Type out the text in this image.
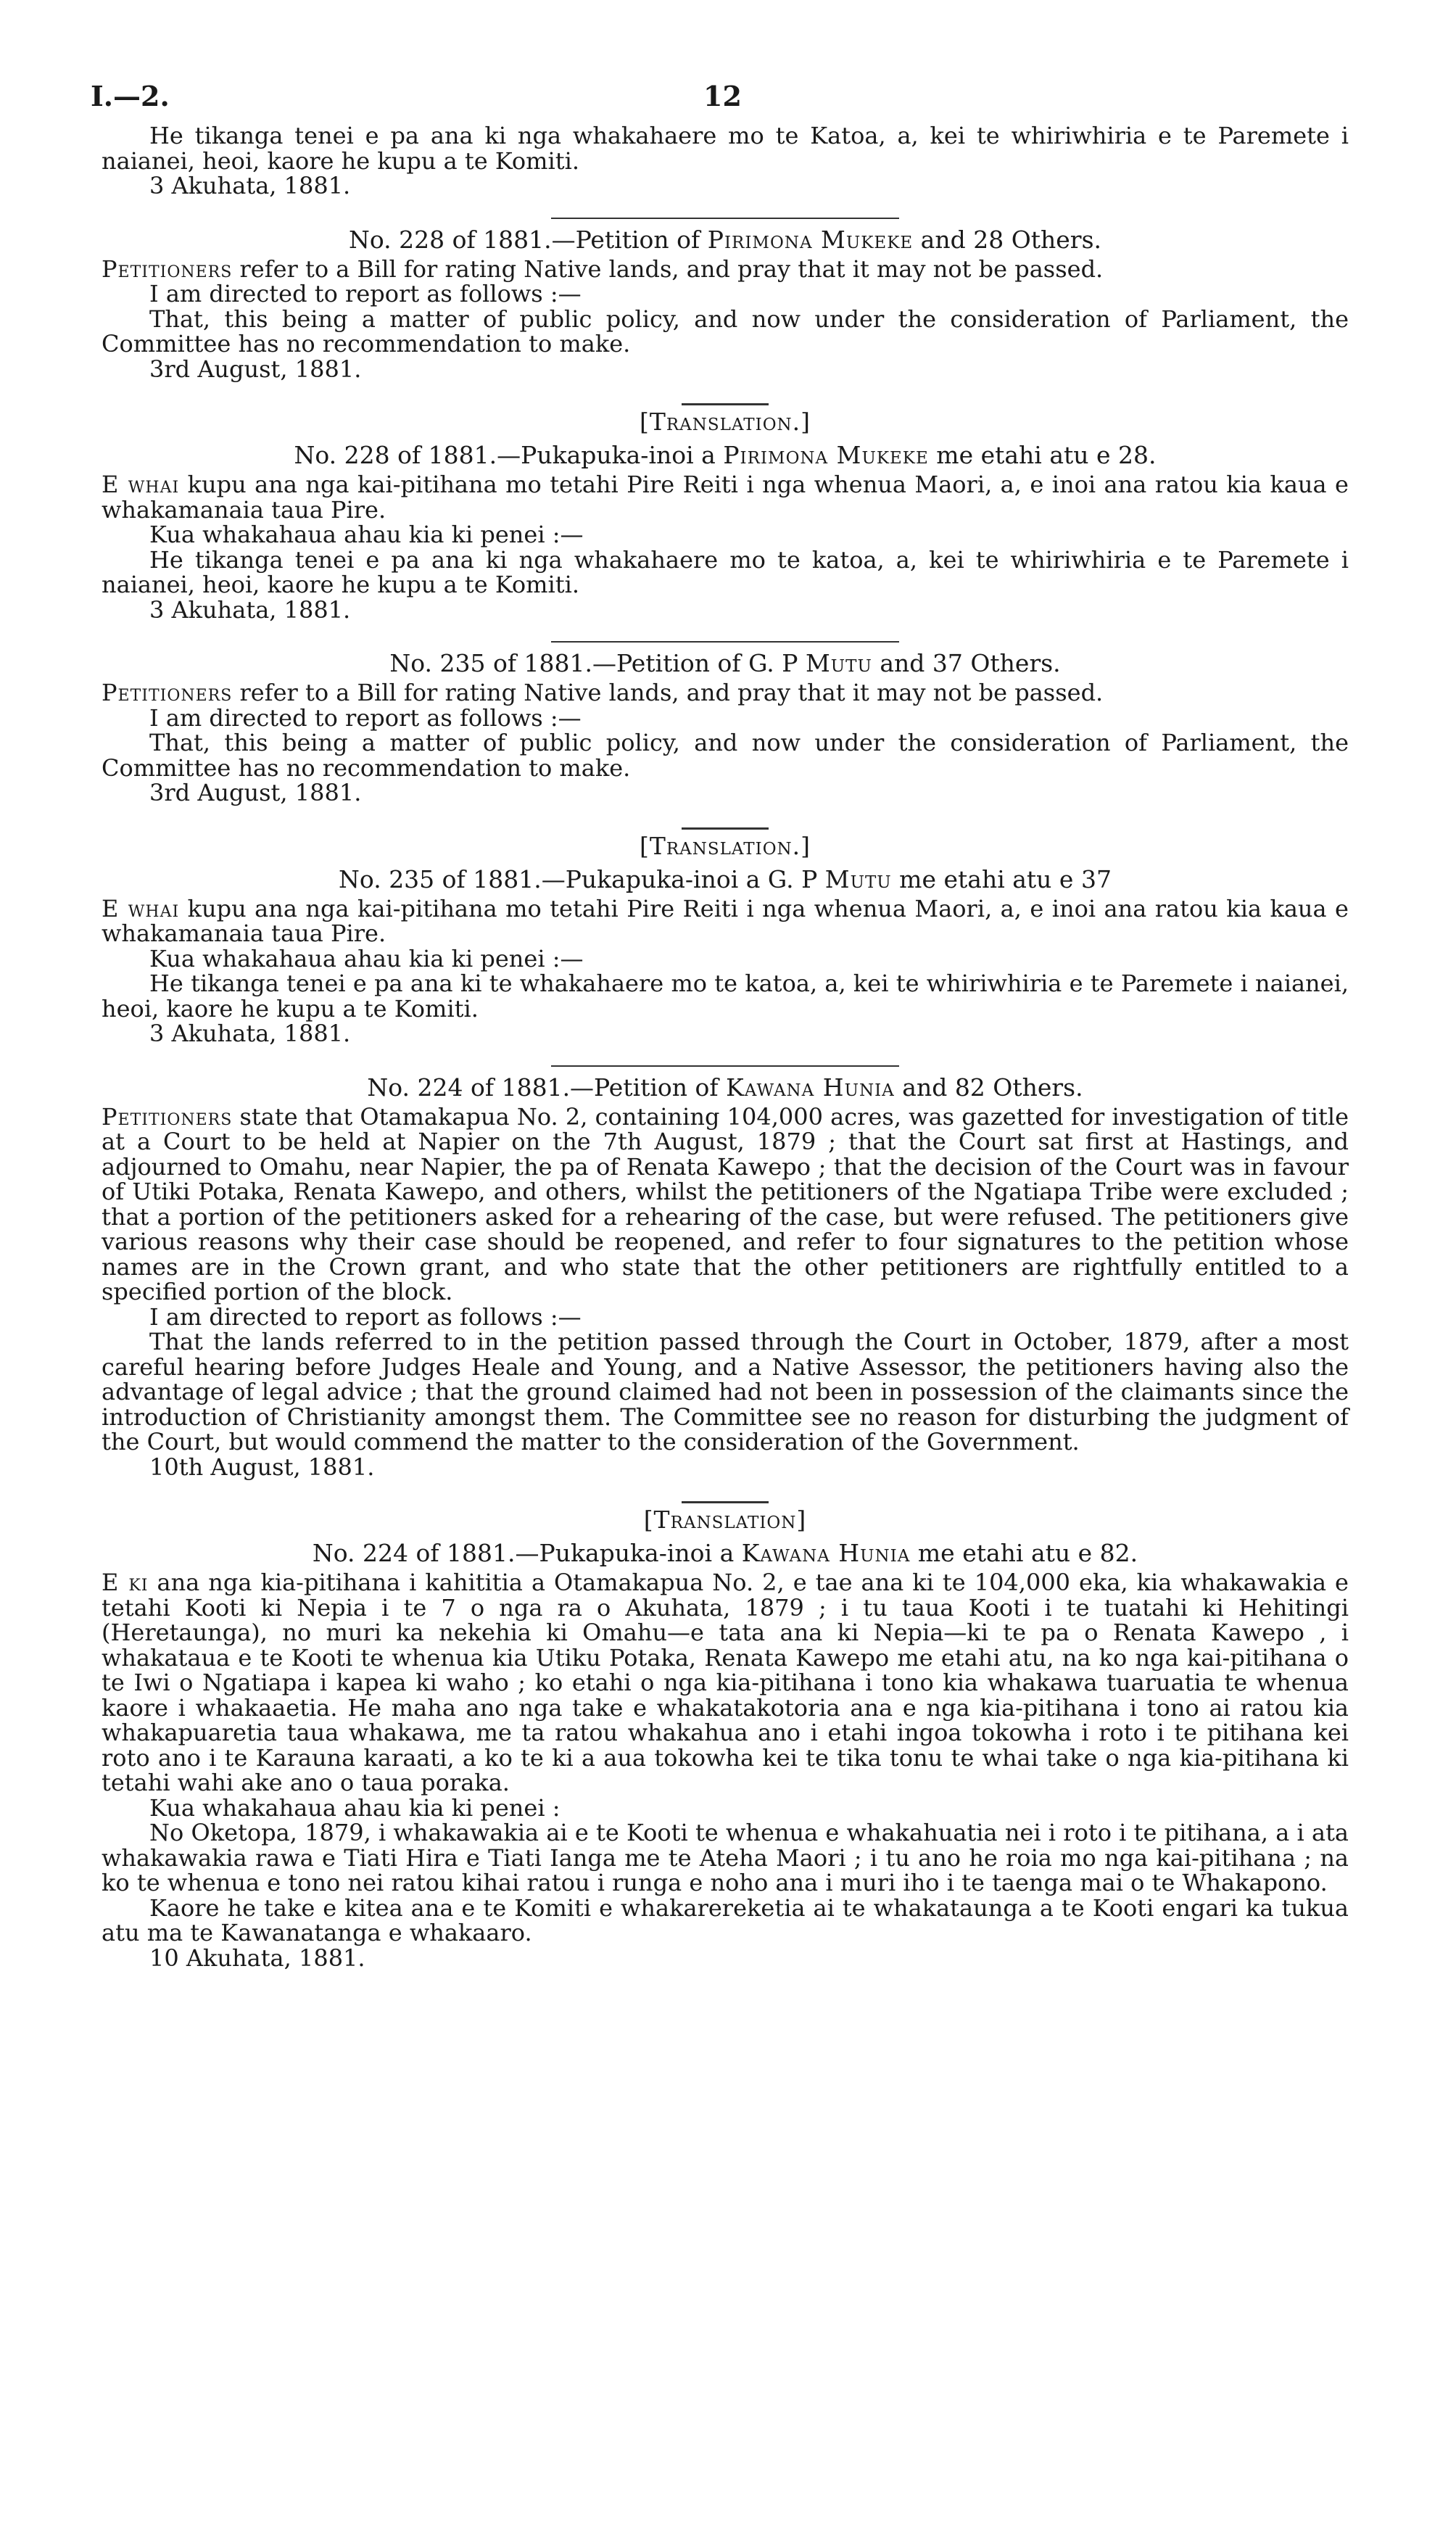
I.—2.	12

He tikanga tenei e pa ana ki nga whakahaere mo te Katoa, a, kei te whiriwhiria e te Paremete i naianei, heoi, kaore he kupu a te Komiti.

3 Akuhata, 1881.

No. 228 of 1881.—Petition of Pirimona Mukeke and 28 Others.

Petitioners refer to a Bill for rating Native lands, and pray that it may not be passed.

I am directed to report as follows :—

That, this being a matter of public policy, and now under the consideration of Parliament, the Committee has no recommendation to make.

3rd August, 1881.

[Translation.]

No. 228 of 1881.—Pukapuka-inoi a Pirimona Mukeke me etahi atu e 28.

E whai kupu ana nga kai-pitihana mo tetahi Pire Reiti i nga whenua Maori, a, e inoi ana ratou kia kaua e whakamanaia taua Pire.

Kua whakahaua ahau kia ki penei :—

He tikanga tenei e pa ana ki nga whakahaere mo te katoa, a, kei te whiriwhiria e te Paremete i naianei, heoi, kaore he kupu a te Komiti.

3 Akuhata, 1881.

No. 235 of 1881.—Petition of G. P Mutu and 37 Others.

Petitioners refer to a Bill for rating Native lands, and pray that it may not be passed.

I am directed to report as follows :—

That, this being a matter of public policy, and now under the consideration of Parliament, the Committee has no recommendation to make.

3rd August, 1881.

[Translation.]

No. 235 of 1881.—Pukapuka-inoi a G. P Mutu me etahi atu e 37

E whai kupu ana nga kai-pitihana mo tetahi Pire Reiti i nga whenua Maori, a, e inoi ana ratou kia kaua e whakamanaia taua Pire.

Kua whakahaua ahau kia ki penei :—

He tikanga tenei e pa ana ki te whakahaere mo te katoa, a, kei te whiriwhiria e te Paremete i naianei, heoi, kaore he kupu a te Komiti.

3 Akuhata, 1881.

No. 224 of 1881.—Petition of Kawana Hunia and 82 Others.

Petitioners state that Otamakapua No. 2, containing 104,000 acres, was gazetted for investigation of title at a Court to be held at Napier on the 7th August, 1879 ; that the Court sat first at Hastings, and adjourned to Omahu, near Napier, the pa of Renata Kawepo ; that the decision of the Court was in favour of Utiki Potaka, Renata Kawepo, and others, whilst the petitioners of the Ngatiapa Tribe were excluded ; that a portion of the petitioners asked for a rehearing of the case, but were refused. The petitioners give various reasons why their case should be reopened, and refer to four signatures to the petition whose names are in the Crown grant, and who state that the other petitioners are rightfully entitled to a specified portion of the block.

I am directed to report as follows :—

That the lands referred to in the petition passed through the Court in October, 1879, after a most careful hearing before Judges Heale and Young, and a Native Assessor, the petitioners having also the advantage of legal advice ; that the ground claimed had not been in possession of the claimants since the introduction of Christianity amongst them. The Committee see no reason for disturbing the judgment of the Court, but would commend the matter to the consideration of the Government.

10th August, 1881.

[Translation]

No. 224 of 1881.—Pukapuka-inoi a Kawana Hunia me etahi atu e 82.

E ki ana nga kia-pitihana i kahititia a Otamakapua No. 2, e tae ana ki te 104,000 eka, kia whakawakia e tetahi Kooti ki Nepia i te 7 o nga ra o Akuhata, 1879 ; i tu taua Kooti i te tuatahi ki Hehitingi (Heretaunga), no muri ka nekehia ki Omahu—e tata ana ki Nepia—ki te pa o Renata Kawepo , i whakataua e te Kooti te whenua kia Utiku Potaka, Renata Kawepo me etahi atu, na ko nga kai-pitihana o te Iwi o Ngatiapa i kapea ki waho ; ko etahi o nga kia-pitihana i tono kia whakawa tuaruatia te whenua kaore i whakaaetia. He maha ano nga take e whakatakotoria ana e nga kia-pitihana i tono ai ratou kia whakapuaretia taua whakawa, me ta ratou whakahua ano i etahi ingoa tokowha i roto i te pitihana kei roto ano i te Karauna karaati, a ko te ki a aua tokowha kei te tika tonu te whai take o nga kia-pitihana ki tetahi wahi ake ano o taua poraka.

Kua whakahaua ahau kia ki penei :

No Oketopa, 1879, i whakawakia ai e te Kooti te whenua e whakahuatia nei i roto i te pitihana, a i ata whakawakia rawa e Tiati Hira e Tiati Ianga me te Ateha Maori ; i tu ano he roia mo nga kai-pitihana ; na ko te whenua e tono nei ratou kihai ratou i runga e noho ana i muri iho i te taenga mai o te Whakapono.

Kaore he take e kitea ana e te Komiti e whakarereketia ai te whakataunga a te Kooti engari ka tukua atu ma te Kawanatanga e whakaaro.

10 Akuhata, 1881.
